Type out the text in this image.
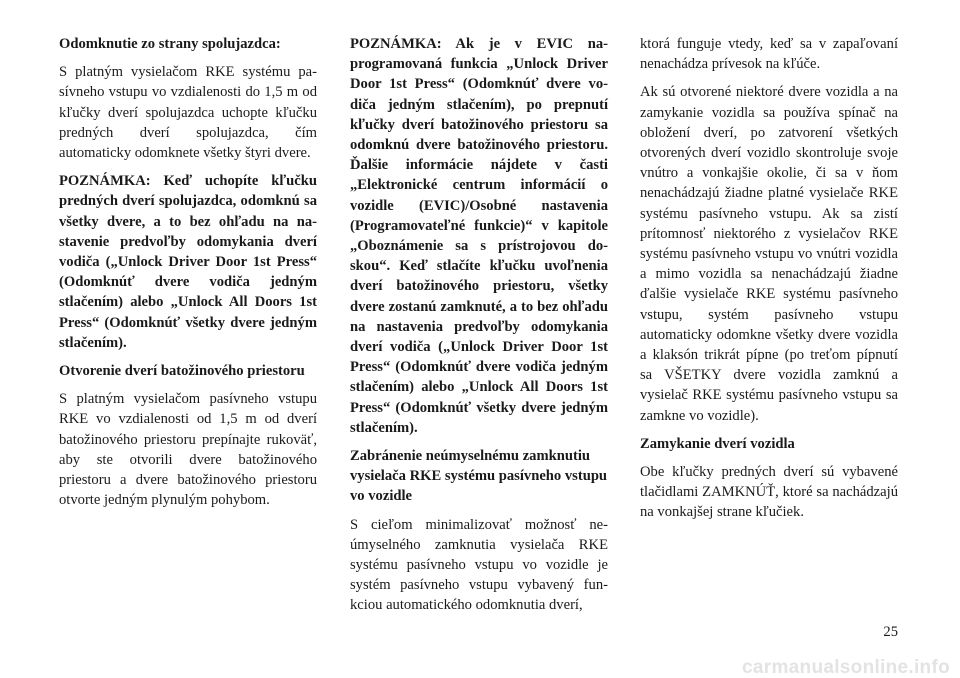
Odomknutie zo strany spolujazdca:

S platným vysielačom RKE systému pasívneho vstupu vo vzdialenosti do 1,5 m od kľučky dverí spolujazdca uchopte kľučku predných dverí spolujazdca, čím automaticky odomknete všetky štyri dvere.

POZNÁMKA: Keď uchopíte kľučku predných dverí spolujazdca, odomknú sa všetky dvere, a to bez ohľadu na nastavenie predvoľby odomykania dverí vodiča („Unlock Driver Door 1st Press“ (Odomknúť dvere vodiča jedným stlačením) alebo „Unlock All Doors 1st Press“ (Odomknúť všetky dvere jedným stlačením).

Otvorenie dverí batožinového priestoru

S platným vysielačom pasívneho vstupu RKE vo vzdialenosti od 1,5 m od dverí batožinového priestoru prepínajte rukoväť, aby ste otvorili dvere batožinového priestoru a dvere batožinového priestoru otvorte jedným plynulým pohybom.

POZNÁMKA: Ak je v EVIC naprogramovaná funkcia „Unlock Driver Door 1st Press“ (Odomknúť dvere vodiča jedným stlačením), po prepnutí kľučky dverí batožinového priestoru sa odomknú dvere batožinového priestoru. Ďalšie informácie nájdete v časti „Elektronické centrum informácií o vozidle (EVIC)/Osobné nastavenia (Programovateľné funkcie)“ v kapitole „Oboznámenie sa s prístrojovou doskou“. Keď stlačíte kľučku uvoľnenia dverí batožinového priestoru, všetky dvere zostanú zamknuté, a to bez ohľadu na nastavenia predvoľby odomykania dverí vodiča („Unlock Driver Door 1st Press“ (Odomknúť dvere vodiča jedným stlačením) alebo „Unlock All Doors 1st Press“ (Odomknúť všetky dvere jedným stlačením).

Zabránenie neúmyselnému zamknutiu vysielača RKE systému pasívneho vstupu vo vozidle

S cieľom minimalizovať možnosť neúmyselného zamknutia vysielača RKE systému pasívneho vstupu vo vozidle je systém pasívneho vstupu vybavený funkciou automatického odomknutia dverí,

ktorá funguje vtedy, keď sa v zapaľovaní nenachádza prívesok na kľúče.

Ak sú otvorené niektoré dvere vozidla a na zamykanie vozidla sa používa spínač na obložení dverí, po zatvorení všetkých otvorených dverí vozidlo skontroluje svoje vnútro a vonkajšie okolie, či sa v ňom nenachádzajú žiadne platné vysielače RKE systému pasívneho vstupu. Ak sa zistí prítomnosť niektorého z vysielačov RKE systému pasívneho vstupu vo vnútri vozidla a mimo vozidla sa nenachádzajú žiadne ďalšie vysielače RKE systému pasívneho vstupu, systém pasívneho vstupu automaticky odomkne všetky dvere vozidla a klaksón trikrát pípne (po treťom pípnutí sa VŠETKY dvere vozidla zamknú a vysielač RKE systému pasívneho vstupu sa zamkne vo vozidle).

Zamykanie dverí vozidla

Obe kľučky predných dverí sú vybavené tlačidlami ZAMKNÚŤ, ktoré sa nachádzajú na vonkajšej strane kľučiek.

25
carmanualsonline.info
